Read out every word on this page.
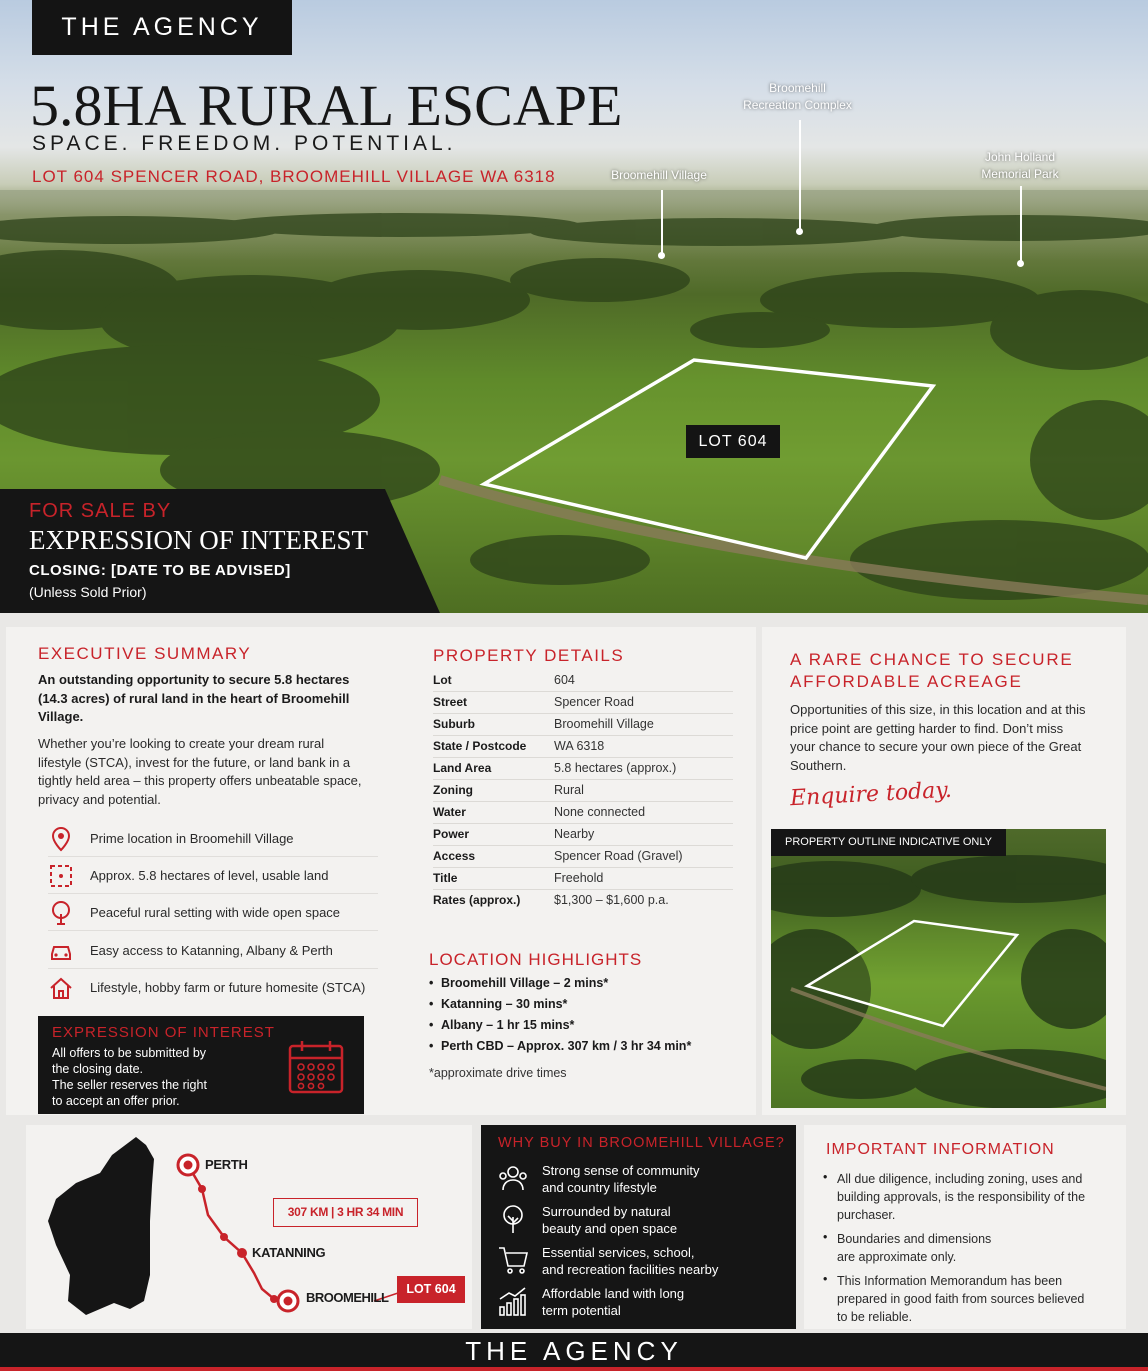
Broomehill Village
Broomehill
Recreation Complex
John Holland
Memorial Park
LOT 604
THE AGENCY
5.8HA RURAL ESCAPE
SPACE. FREEDOM. POTENTIAL.
LOT 604 SPENCER ROAD, BROOMEHILL VILLAGE WA 6318
FOR SALE BY
EXPRESSION OF INTEREST
CLOSING: [DATE TO BE ADVISED]
(Unless Sold Prior)
EXECUTIVE SUMMARY
An outstanding opportunity to secure 5.8 hectares (14.3 acres) of rural land in the heart of Broomehill Village.
Whether you’re looking to create your dream rural lifestyle (STCA), invest for the future, or land bank in a tightly held area – this property offers unbeatable space, privacy and potential.
Prime location in Broomehill Village
Approx. 5.8 hectares of level, usable land
Peaceful rural setting with wide open space
Easy access to Katanning, Albany & Perth
Lifestyle, hobby farm or future homesite (STCA)
EXPRESSION OF INTEREST
All offers to be submitted by
the closing date.
The seller reserves the right
to accept an offer prior.
PROPERTY DETAILS
Lot	604
Street	Spencer Road
Suburb	Broomehill Village
State / Postcode WA 6318
Land Area	5.8 hectares (approx.)
Zoning	Rural
Water	None connected
Power	Nearby
Access	Spencer Road (Gravel)
Title	Freehold
Rates (approx.)	$1,300 – $1,600 p.a.
LOCATION HIGHLIGHTS
• Broomehill Village – 2 mins*
• Katanning – 30 mins*
• Albany – 1 hr 15 mins*
• Perth CBD – Approx. 307 km / 3 hr 34 min*
*approximate drive times
A RARE CHANCE TO SECURE
AFFORDABLE ACREAGE
Opportunities of this size, in this location and at this price point are getting harder to find. Don’t miss your chance to secure your own piece of the Great Southern.
Enquire today.
PROPERTY OUTLINE INDICATIVE ONLY
PERTH
KATANNING
BROOMEHILL
307 KM | 3 HR 34 MIN
LOT 604
WHY BUY IN BROOMEHILL VILLAGE?
Strong sense of community
and country lifestyle
Surrounded by natural
beauty and open space
Essential services, school,
and recreation facilities nearby
Affordable land with long
term potential
IMPORTANT INFORMATION
• All due diligence, including zoning, uses and building approvals, is the responsibility of the purchaser.
• Boundaries and dimensions are approximate only.
• This Information Memorandum has been prepared in good faith from sources believed to be reliable.
THE AGENCY
